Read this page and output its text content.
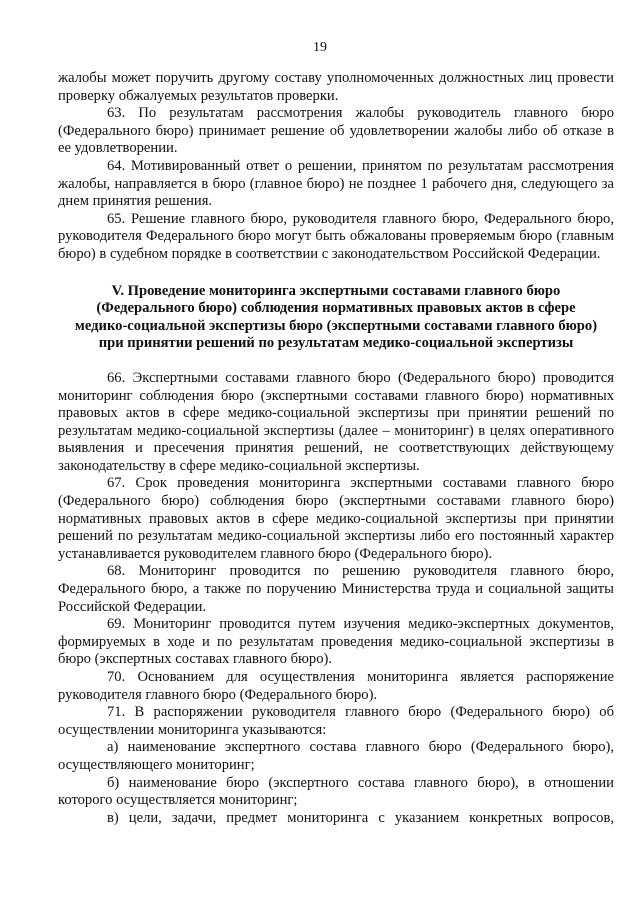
19

жалобы может поручить другому составу уполномоченных должностных лиц провести проверку обжалуемых результатов проверки.

63. По результатам рассмотрения жалобы руководитель главного бюро (Федерального бюро) принимает решение об удовлетворении жалобы либо об отказе в ее удовлетворении.

64. Мотивированный ответ о решении, принятом по результатам рассмотрения жалобы, направляется в бюро (главное бюро) не позднее 1 рабочего дня, следующего за днем принятия решения.

65. Решение главного бюро, руководителя главного бюро, Федерального бюро, руководителя Федерального бюро могут быть обжалованы проверяемым бюро (главным бюро) в судебном порядке в соответствии с законодательством Российской Федерации.

V. Проведение мониторинга экспертными составами главного бюро
(Федерального бюро) соблюдения нормативных правовых актов в сфере
медико-социальной экспертизы бюро (экспертными составами главного бюро)
при принятии решений по результатам медико-социальной экспертизы

66. Экспертными составами главного бюро (Федерального бюро) проводится мониторинг соблюдения бюро (экспертными составами главного бюро) нормативных правовых актов в сфере медико-социальной экспертизы при принятии решений по результатам медико-социальной экспертизы (далее – мониторинг) в целях оперативного выявления и пресечения принятия решений, не соответствующих действующему законодательству в сфере медико-социальной экспертизы.

67. Срок проведения мониторинга экспертными составами главного бюро (Федерального бюро) соблюдения бюро (экспертными составами главного бюро) нормативных правовых актов в сфере медико-социальной экспертизы при принятии решений по результатам медико-социальной экспертизы либо его постоянный характер устанавливается руководителем главного бюро (Федерального бюро).

68. Мониторинг проводится по решению руководителя главного бюро, Федерального бюро, а также по поручению Министерства труда и социальной защиты Российской Федерации.

69. Мониторинг проводится путем изучения медико-экспертных документов, формируемых в ходе и по результатам проведения медико-социальной экспертизы в бюро (экспертных составах главного бюро).

70. Основанием для осуществления мониторинга является распоряжение руководителя главного бюро (Федерального бюро).

71. В распоряжении руководителя главного бюро (Федерального бюро) об осуществлении мониторинга указываются:

а) наименование экспертного состава главного бюро (Федерального бюро), осуществляющего мониторинг;

б) наименование бюро (экспертного состава главного бюро), в отношении которого осуществляется мониторинг;

в) цели, задачи, предмет мониторинга с указанием конкретных вопросов,
